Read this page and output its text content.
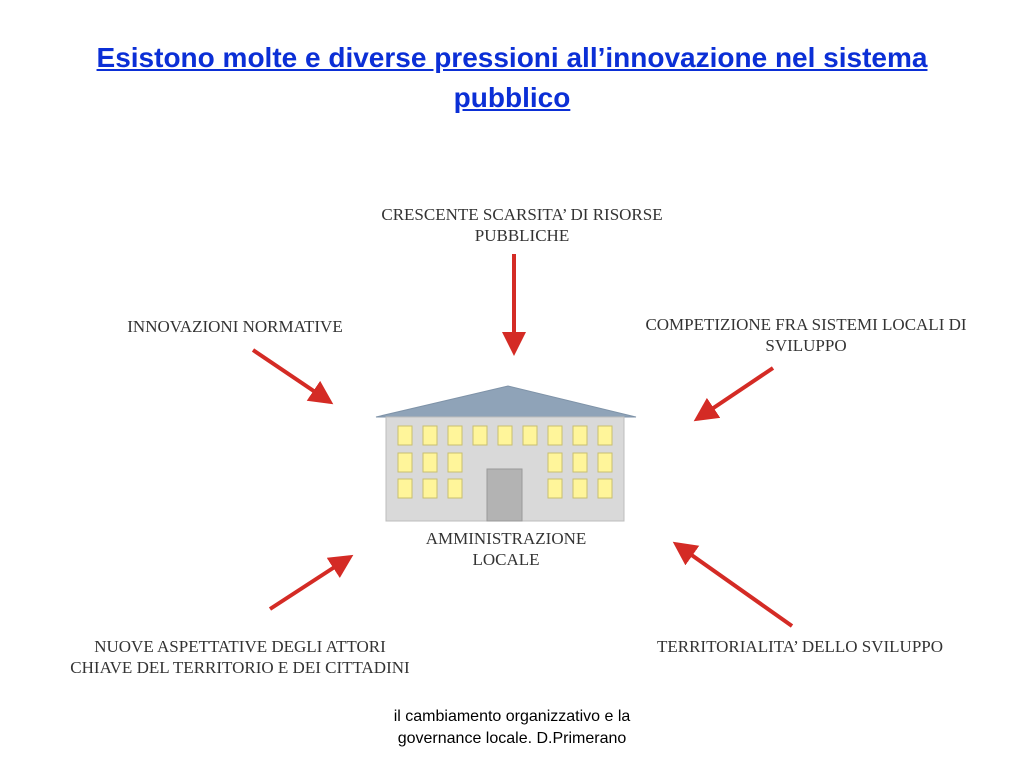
Esistono molte e diverse pressioni all’innovazione nel sistema pubblico
CRESCENTE SCARSITA’ DI RISORSE
PUBBLICHE
INNOVAZIONI NORMATIVE	COMPETIZIONE FRA SISTEMI LOCALI DI
SVILUPPO
AMMINISTRAZIONE
LOCALE
NUOVE ASPETTATIVE DEGLI ATTORI
CHIAVE DEL TERRITORIO E DEI CITTADINI
TERRITORIALITA’ DELLO SVILUPPO
il cambiamento organizzativo e la
governance locale. D.Primerano
